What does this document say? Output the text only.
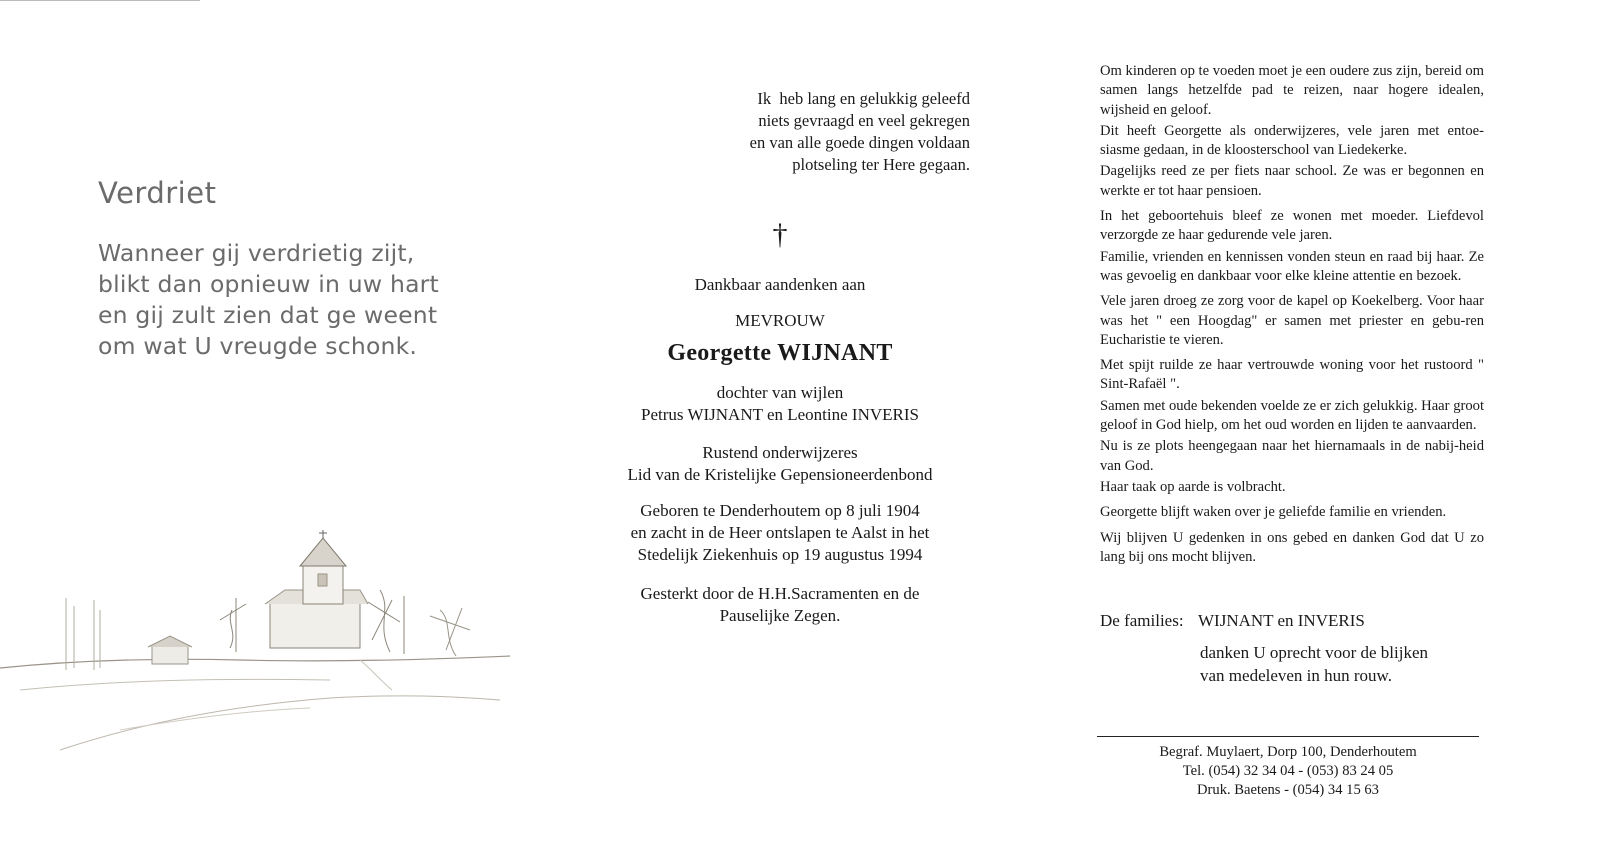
Verdriet
Wanneer gij verdrietig zijt,
blikt dan opnieuw in uw hart
en gij zult zien dat ge weent
om wat U vreugde schonk.
Ik  heb lang en gelukkig geleefd
niets gevraagd en veel gekregen
en van alle goede dingen voldaan
plotseling ter Here gegaan.
†
Dankbaar aandenken aan
MEVROUW
Georgette WIJNANT
dochter van wijlen
Petrus WIJNANT en Leontine INVERIS
Rustend onderwijzeres
Lid van de Kristelijke Gepensioneerdenbond
Geboren te Denderhoutem op 8 juli 1904
en zacht in de Heer ontslapen te Aalst in het
Stedelijk Ziekenhuis op 19 augustus 1994
Gesterkt door de H.H.Sacramenten en de
Pauselijke Zegen.

Om kinderen op te voeden moet je een oudere zus zijn, bereid om samen langs hetzelfde pad te reizen, naar hogere idealen, wijsheid en geloof.

Dit heeft Georgette als onderwijzeres, vele jaren met entoe-siasme gedaan, in de kloosterschool van Liedekerke.

Dagelijks reed ze per fiets naar school. Ze was er begonnen en werkte er tot haar pensioen.

In het geboortehuis bleef ze wonen met moeder. Liefdevol verzorgde ze haar gedurende vele jaren.

Familie, vrienden en kennissen vonden steun en raad bij haar. Ze was gevoelig en dankbaar voor elke kleine attentie en bezoek.

Vele jaren droeg ze zorg voor de kapel op Koekelberg. Voor haar was het " een Hoogdag" er samen met priester en gebu-ren Eucharistie te vieren.

Met spijt ruilde ze haar vertrouwde woning voor het rustoord " Sint-Rafaël ".

Samen met oude bekenden voelde ze er zich gelukkig. Haar groot geloof in God hielp, om het oud worden en lijden te aanvaarden.

Nu is ze plots heengegaan naar het hiernamaals in de nabij-heid van God.

Haar taak op aarde is volbracht.

Georgette blijft waken over je geliefde familie en vrienden.

Wij blijven U gedenken in ons gebed en danken God dat U zo lang bij ons mocht blijven.

De families: WIJNANT en INVERIS
danken U oprecht voor de blijken
van medeleven in hun rouw.
Begraf. Muylaert, Dorp 100, Denderhoutem
Tel. (054) 32 34 04 - (053) 83 24 05
Druk. Baetens - (054) 34 15 63
